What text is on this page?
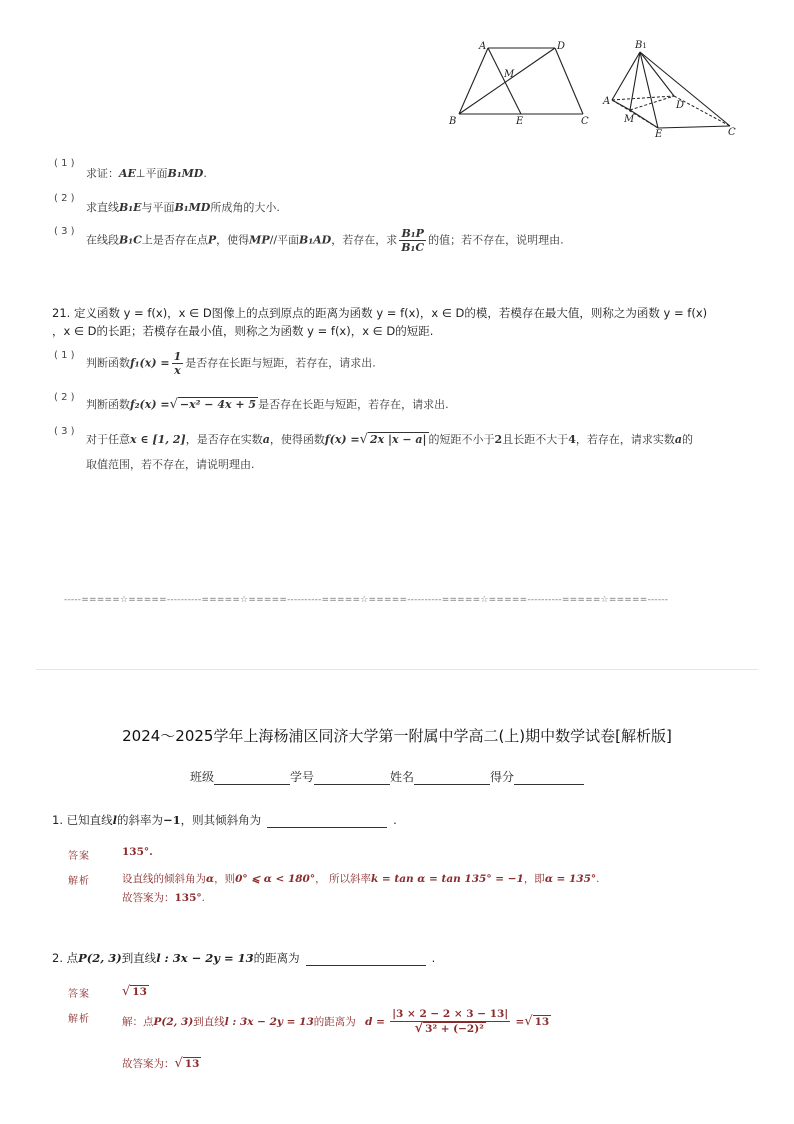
A	D
M
B	E	C
B1
A	D
M
E	C
( 1 )
求证：AE⊥平面B₁MD.
( 2 )
求直线B₁E与平面B₁MD所成角的大小.
( 3 )
在线段B₁C上是否存在点P，使得MP//平面B₁AD，若存在，求 $\frac{\text{B₁P}}{\text{B₁C}}$ 的值；若不存在，说明理由.
21. 定义函数 y = f(x)，x ∈ D图像上的点到原点的距离为函数 y = f(x)，x ∈ D的模，若模存在最大值，则称之为函数 y = f(x)
，x ∈ D的长距；若模存在最小值，则称之为函数 y = f(x)，x ∈ D的短距.
( 1 )
判断函数$f_1(x) = \frac{1}{x}$ 是否存在长距与短距，若存在，请求出.
( 2 )
判断函数f₂(x) =√ −x² − 4x + 5 是否存在长距与短距，若存在，请求出.
( 3 )
对于任意x ∈ [1, 2]，是否存在实数a，使得函数f(x) =√ 2x |x − a| 的短距不小于2且长距不大于4，若存在，请求实数a的
取值范围，若不存在，请说明理由.
-----=====☆=====----------=====☆=====----------=====☆=====----------=====☆=====----------=====☆=====------
2024～2025学年上海杨浦区同济大学第一附属中学高二(上)期中数学试卷[解析版]
班级	学号	姓名	得分
1. 已知直线l的斜率为−1，则其倾斜角为	.
答案	135°.
解析	设直线的倾斜角为α，则0° ⩽ α < 180°， 所以斜率k = tan α = tan 135° = −1，即α = 135°.
故答案为：135°.
2. 点P(2, 3)到直线l : 3x − 2y = 13的距离为	.
答案 √ 13
解析	解：点P(2, 3)到直线l : 3x − 2y = 13的距离为 $d = \frac{|3 \times 2 - 2 \times 3 - 13|}{\text{√ 3² + (−2)²}}$ =√ 13
故答案为：√ 13
